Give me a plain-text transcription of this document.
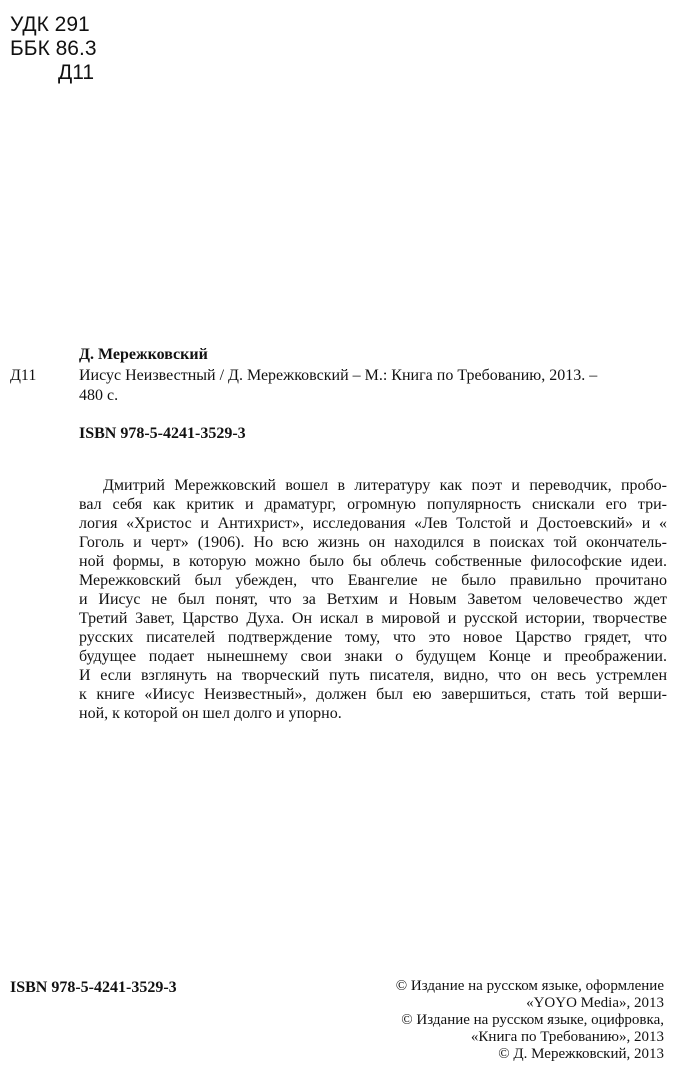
УДК 291
ББК 86.3
Д11
Д. Мережковский
Д11	Иисус Неизвестный / Д. Мережковский – М.: Книга по Требованию, 2013. –
480 с.
ISBN 978-5-4241-3529-3
Дмитрий Мережковский вошел в литературу как поэт и переводчик, пробо-
вал себя как критик и драматург, огромную популярность снискали его три-
логия «Христос и Антихрист», исследования «Лев Толстой и Достоевский» и «
Гоголь и черт» (1906). Но всю жизнь он находился в поисках той окончатель-
ной формы, в которую можно было бы облечь собственные философские идеи.
Мережковский был убежден, что Евангелие не было правильно прочитано
и Иисус не был понят, что за Ветхим и Новым Заветом человечество ждет
Третий Завет, Царство Духа. Он искал в мировой и русской истории, творчестве
русских писателей подтверждение тому, что это новое Царство грядет, что
будущее подает нынешнему свои знаки о будущем Конце и преображении.
И если взглянуть на творческий путь писателя, видно, что он весь устремлен
к книге «Иисус Неизвестный», должен был ею завершиться, стать той верши-
ной, к которой он шел долго и упорно.
ISBN 978-5-4241-3529-3	© Издание на русском языке, оформление
«YOYO Media», 2013
© Издание на русском языке, оцифровка,
«Книга по Требованию», 2013
© Д. Мережковский, 2013
